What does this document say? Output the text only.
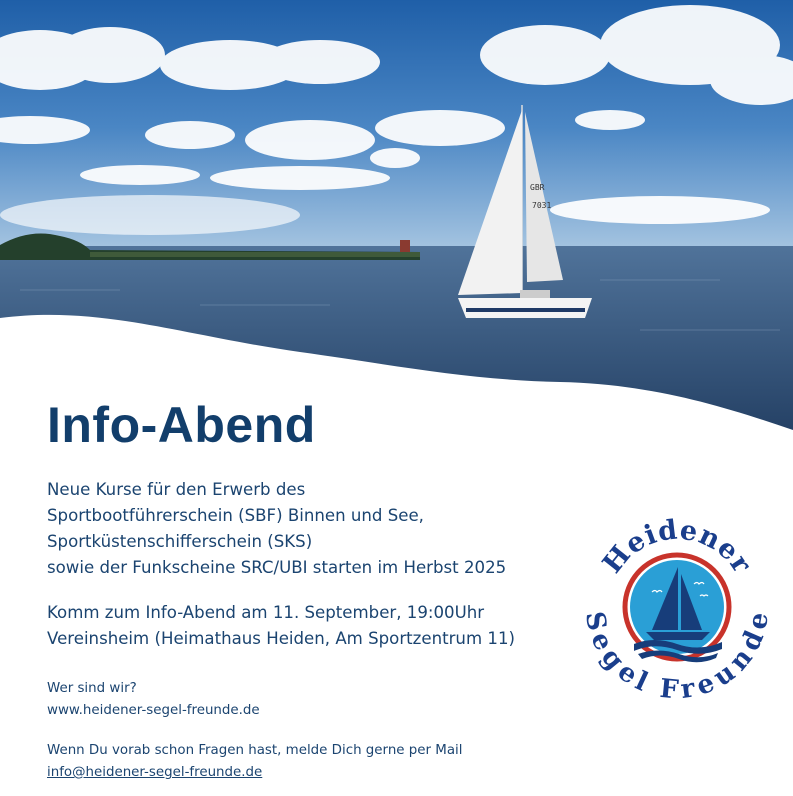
GBR
7031
Info-Abend
Neue Kurse für den Erwerb des
Sportbootführerschein (SBF) Binnen und See,
Sportküstenschifferschein (SKS)
sowie der Funkscheine SRC/UBI starten im Herbst 2025
Komm zum Info-Abend am 11. September, 19:00Uhr
Vereinsheim (Heimathaus Heiden, Am Sportzentrum 11)
Wer sind wir?
www.heidener-segel-freunde.de
Wenn Du vorab schon Fragen hast, melde Dich gerne per Mail
info@heidener-segel-freunde.de
Heidener
egel Freund
